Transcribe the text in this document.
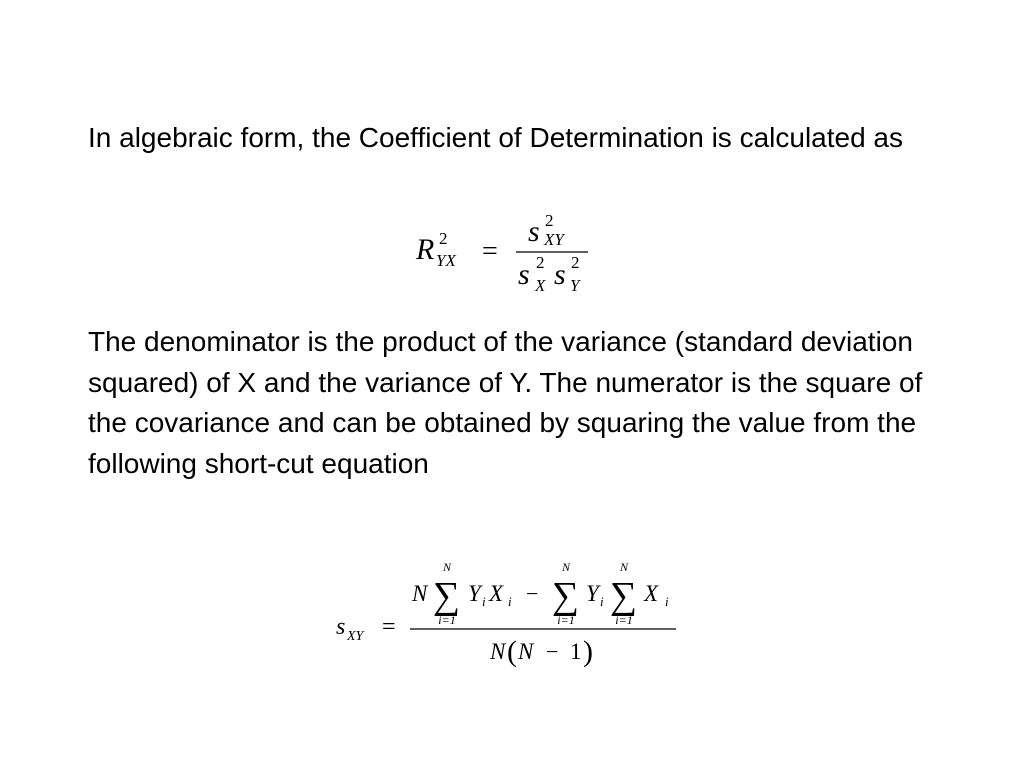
In algebraic form, the Coefficient of Determination is calculated as

R 2
YX =
s 2
XY
s 2
X s 2
Y

The denominator is the product of the variance (standard deviation squared) of X and the variance of Y. The numerator is the square of the covariance and can be obtained by squaring the value from the following short-cut equation

s XY =
N
N
∑
i=1
Y i X i −
N
∑
i=1
Y i
N
∑
i=1
X i
N ( N − 1 )
